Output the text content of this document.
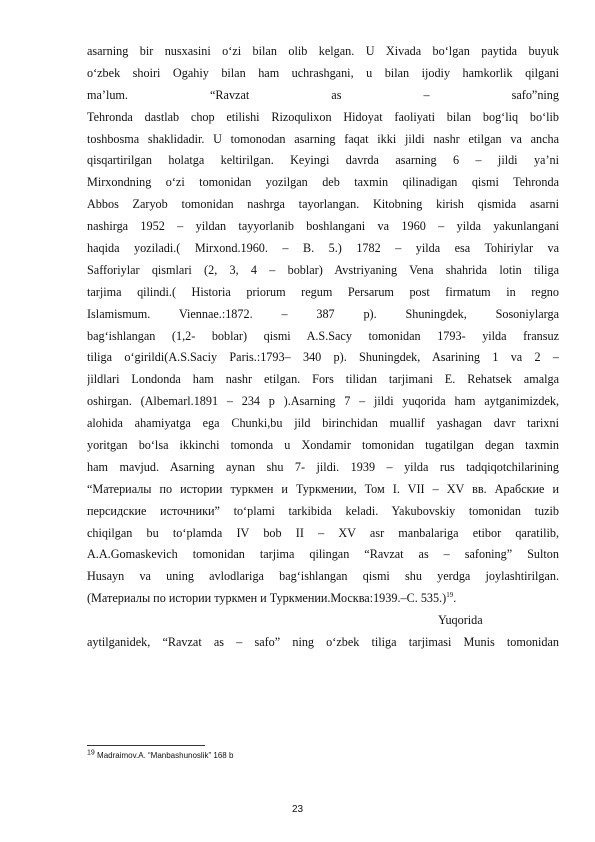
asarning bir nusxasini o‘zi bilan olib kelgan. U Xivada bo‘lgan paytida buyuk
o‘zbek shoiri Ogahiy bilan ham uchrashgani, u bilan ijodiy hamkorlik qilgani
ma’lum. “Ravzat as – safo”ning
Tehronda dastlab chop etilishi Rizoqulixon Hidoyat faoliyati bilan bog‘liq bo‘lib
toshbosma shaklidadir. U tomonodan asarning faqat ikki jildi nashr etilgan va ancha
qisqartirilgan holatga keltirilgan. Keyingi davrda asarning 6 – jildi ya’ni
Mirxondning o‘zi tomonidan yozilgan deb taxmin qilinadigan qismi Tehronda
Abbos Zaryob tomonidan nashrga tayorlangan. Kitobning kirish qismida asarni
nashirga 1952 – yildan tayyorlanib boshlangani va 1960 – yilda yakunlangani
haqida yoziladi.( Mirxond.1960. – B. 5.) 1782 – yilda esa Tohiriylar va
Safforiylar qismlari (2, 3, 4 – boblar) Avstriyaning Vena shahrida lotin tiliga
tarjima qilindi.( Historia priorum regum Persarum post firmatum in regno
Islamismum. Viennae.:1872. – 387 p). Shuningdek, Sosoniylarga
bag‘ishlangan (1,2- boblar) qismi A.S.Sacy tomonidan 1793- yilda fransuz
tiliga o‘girildi(A.S.Saciy Paris.:1793– 340 p). Shuningdek, Asarining 1 va 2 –
jildlari Londonda ham nashr etilgan. Fors tilidan tarjimani E. Rehatsek amalga
oshirgan. (Albemarl.1891 – 234 p ).Asarning 7 – jildi yuqorida ham aytganimizdek,
alohida ahamiyatga ega Chunki,bu jild birinchidan muallif yashagan davr tarixni
yoritgan bo‘lsa ikkinchi tomonda u Xondamir tomonidan tugatilgan degan taxmin
ham mavjud. Asarning aynan shu 7- jildi. 1939 – yilda rus tadqiqotchilarining
“Материалы по истории туркмен и Туркмении, Том I. VII – XV вв. Арабские и
персидские источники” to‘plami tarkibida keladi. Yakubovskiy tomonidan tuzib
chiqilgan bu to‘plamda IV bob II – XV asr manbalariga etibor qaratilib,
A.A.Gomaskevich tomonidan tarjima qilingan “Ravzat as – safoning” Sulton
Husayn va uning avlodlariga bag‘ishlangan qismi shu yerdga joylashtirilgan.
(Материалы по истории туркмен и Туркмении.Москва:1939.–С. 535.)$^{19}$.
Yuqorida
aytilganidek, “Ravzat as – safo” ning o‘zbek tiliga tarjimasi Munis tomonidan
$^{19}$ Madraimov.A. “Manbashunoslik” 168 b
23
